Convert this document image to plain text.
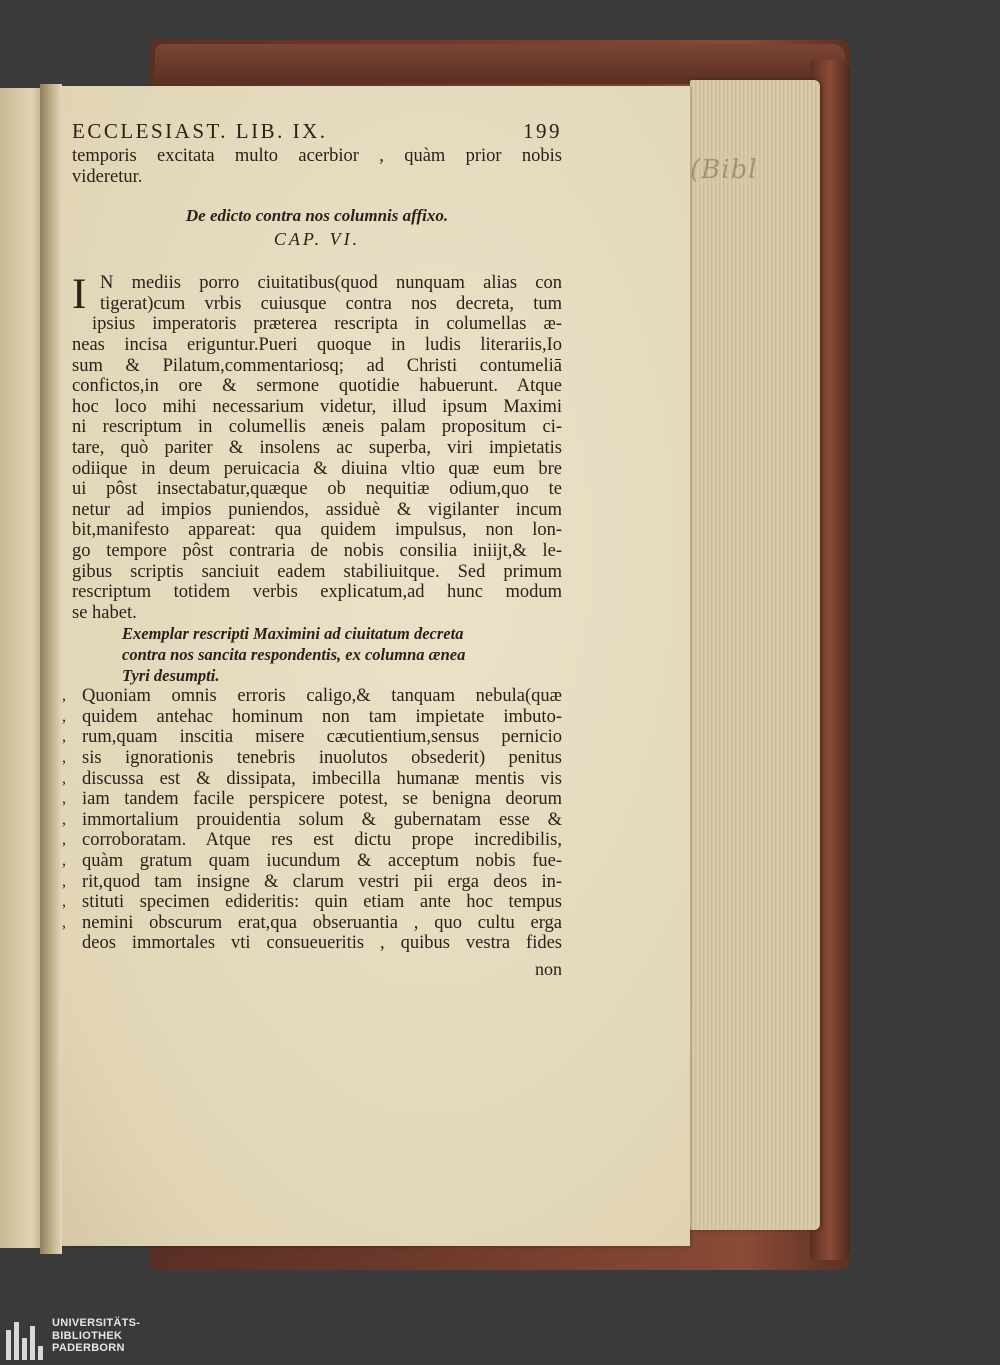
(Bibl
ECCLESIAST. LIB. IX.	199
temporis excitata multo acerbior , quàm prior nobis
videretur.
De edicto contra nos columnis affixo.
CAP. VI.
I N mediis porro ciuitatibus(quod nunquam alias con
tigerat)cum vrbis cuiusque contra nos decreta, tum
ipsius imperatoris præterea rescripta in columellas æ-
neas incisa eriguntur.Pueri quoque in ludis literariis,Io
sum & Pilatum,commentariosq; ad Christi contumeliā
confictos,in ore & sermone quotidie habuerunt. Atque
hoc loco mihi necessarium videtur, illud ipsum Maximi
ni rescriptum in columellis æneis palam propositum ci-
tare, quò pariter & insolens ac superba, viri impietatis
odiique in deum peruicacia & diuina vltio quæ eum bre
ui pôst insectabatur,quæque ob nequitiæ odium,quo te
netur ad impios puniendos, assiduè & vigilanter incum
bit,manifesto appareat: qua quidem impulsus, non lon-
go tempore pôst contraria de nobis consilia iniijt,& le-
gibus scriptis sanciuit eadem stabiliuitque. Sed primum
rescriptum totidem verbis explicatum,ad hunc modum
se habet.
Exemplar rescripti Maximini ad ciuitatum decreta
contra nos sancita respondentis, ex columna ænea
Tyri desumpti.
, Quoniam omnis erroris caligo,& tanquam nebula(quæ
, quidem antehac hominum non tam impietate imbuto-
, rum,quam inscitia misere cæcutientium,sensus pernicio
, sis ignorationis tenebris inuolutos obsederit) penitus
, discussa est & dissipata, imbecilla humanæ mentis vis
, iam tandem facile perspicere potest, se benigna deorum
, immortalium prouidentia solum & gubernatam esse &
, corroboratam. Atque res est dictu prope incredibilis,
, quàm gratum quam iucundum & acceptum nobis fue-
, rit,quod tam insigne & clarum vestri pii erga deos in-
, stituti specimen edideritis: quin etiam ante hoc tempus
, nemini obscurum erat,qua obseruantia , quo cultu erga
deos immortales vti consueueritis , quibus vestra fides
non
UNIVERSITÄTS-
BIBLIOTHEK
PADERBORN
